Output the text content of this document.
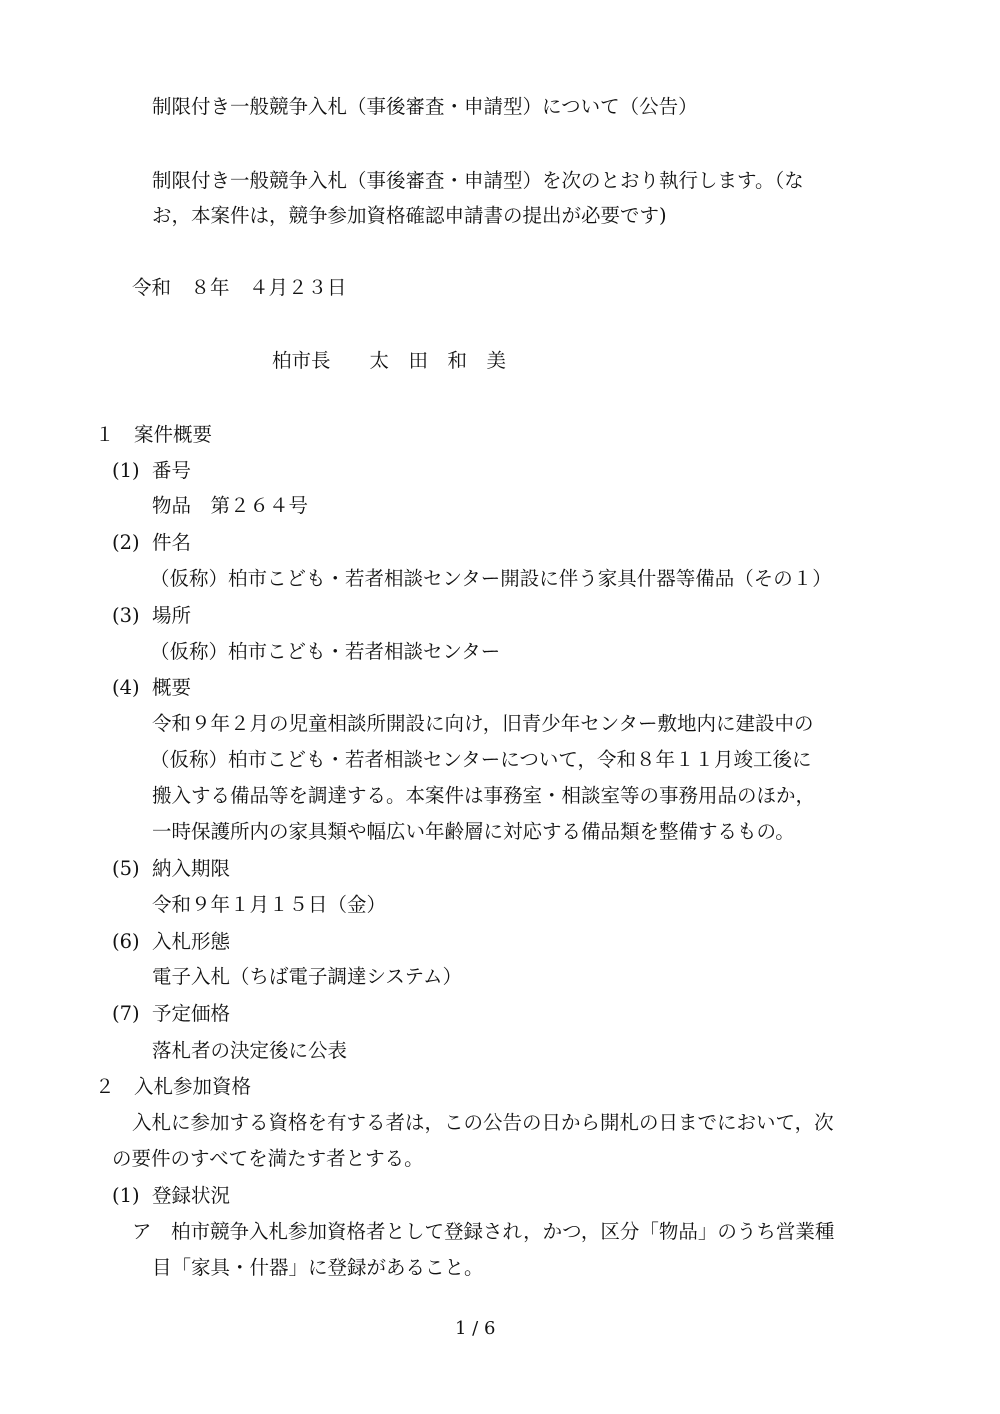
制限付き一般競争入札（事後審査・申請型）について（公告）
制限付き一般競争入札（事後審査・申請型）を次のとおり執行します。（な
お，本案件は，競争参加資格確認申請書の提出が必要です)
令和　８年　４月２３日
柏市長　　太　田　和　美
１　案件概要
(1) 番号
物品　第２６４号
(2) 件名
（仮称）柏市こども・若者相談センター開設に伴う家具什器等備品（その１）
(3) 場所
（仮称）柏市こども・若者相談センター
(4) 概要
令和９年２月の児童相談所開設に向け，旧青少年センター敷地内に建設中の
（仮称）柏市こども・若者相談センターについて，令和８年１１月竣工後に
搬入する備品等を調達する。本案件は事務室・相談室等の事務用品のほか，
一時保護所内の家具類や幅広い年齢層に対応する備品類を整備するもの。
(5) 納入期限
令和９年１月１５日（金）
(6) 入札形態
電子入札（ちば電子調達システム）
(7) 予定価格
落札者の決定後に公表
２　入札参加資格
入札に参加する資格を有する者は，この公告の日から開札の日までにおいて，次
の要件のすべてを満たす者とする。
(1) 登録状況
ア　柏市競争入札参加資格者として登録され，かつ，区分「物品」のうち営業種
目「家具・什器」に登録があること。
1 / 6
